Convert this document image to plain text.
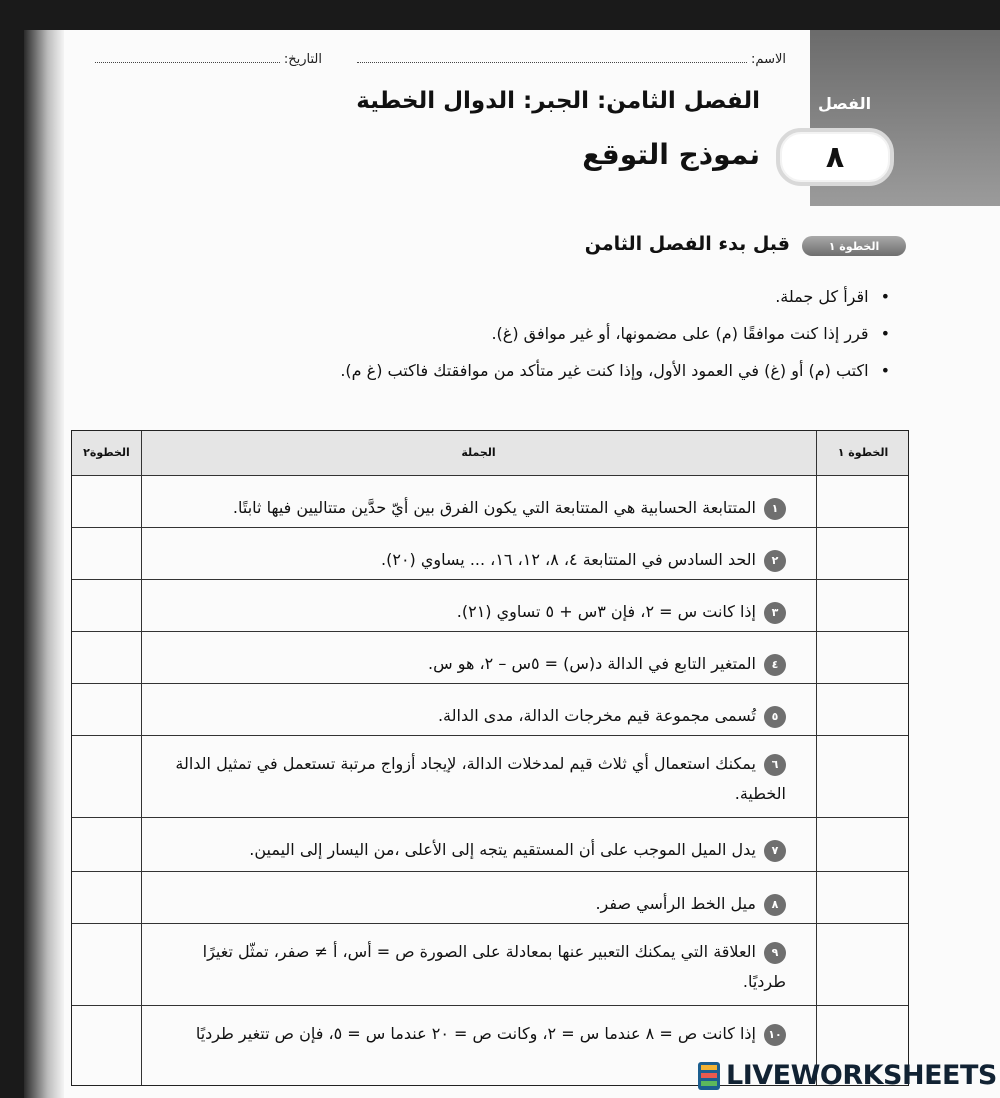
الفصل
الاسم:
التاريخ:
الفصل الثامن: الجبر: الدوال الخطية
٨
نموذج التوقع
الخطوة ١
قبل بدء الفصل الثامن
• اقرأ كل جملة.
• قرر إذا كنت موافقًا (م) على مضمونها، أو غير موافق (غ).
• اكتب (م) أو (غ) في العمود الأول، وإذا كنت غير متأكد من موافقتك فاكتب (غ م).
الخطوة٢	الجملة	الخطوة ١
١المتتابعة الحسابية هي المتتابعة التي يكون الفرق بين أيّ حدَّين متتاليين فيها ثابتًا.
٢الحد السادس في المتتابعة ٤، ٨، ١٢، ١٦، ... يساوي (٢٠).
٣إذا كانت س = ٢، فإن ٣س + ٥ تساوي (٢١).
٤المتغير التابع في الدالة د(س) = ٥س – ٢، هو س.
٥تُسمى مجموعة قيم مخرجات الدالة، مدى الدالة.
٦يمكنك استعمال أي ثلاث قيم لمدخلات الدالة، لإيجاد أزواج مرتبة تستعمل في تمثيل الدالة الخطية.
٧يدل الميل الموجب على أن المستقيم يتجه إلى الأعلى ،من اليسار إلى اليمين.
٨ميل الخط الرأسي صفر.
٩العلاقة التي يمكنك التعبير عنها بمعادلة على الصورة ص = أس، أ ≠ صفر، تمثّل تغيرًا طرديًا.
١٠إذا كانت ص = ٨ عندما س = ٢، وكانت ص = ٢٠ عندما س = ٥، فإن ص تتغير طرديًا
LIVEWORKSHEETS
